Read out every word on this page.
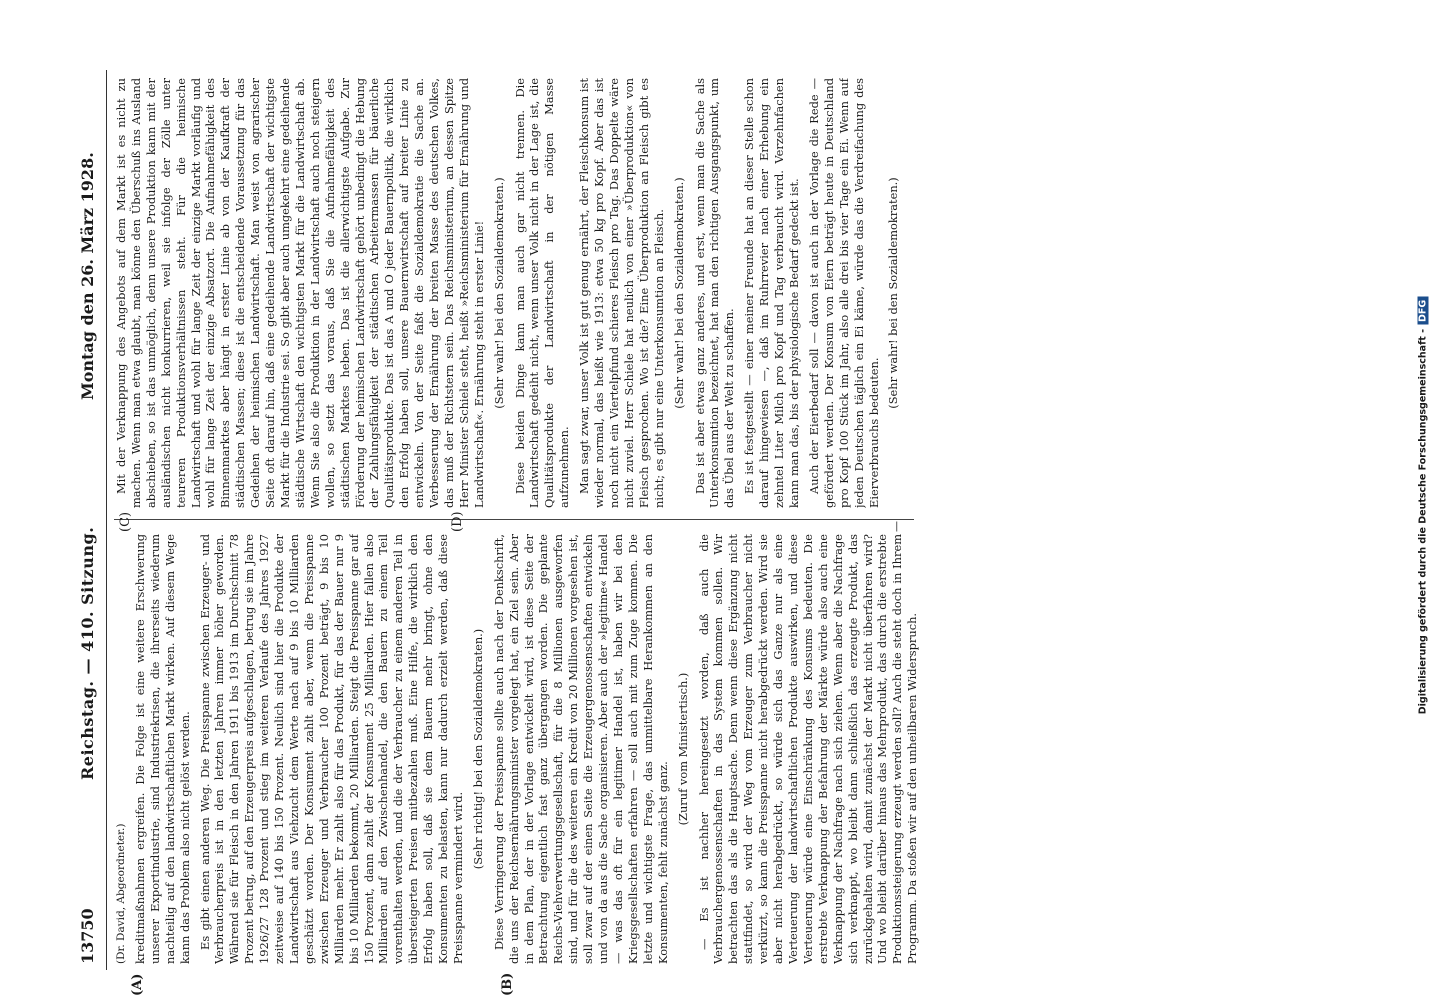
13750
Reichstag. — 410. Sitzung.
Montag den 26. März 1928.

(Dr. David, Abgeordneter.) kreditmaßnahmen ergreifen. Die Folge ist eine weitere Erschwerung unserer Exportindustrie, sind Industriekrisen, die ihrerseits wiederum nachteilig auf den landwirtschaftlichen Markt wirken. Auf diesem Wege kann das Problem also nicht gelöst werden. Es gibt einen anderen Weg. Die Preisspanne zwischen Erzeuger- und Verbraucherpreis ist in den letzten Jahren immer höher geworden. Während sie für Fleisch in den Jahren 1911 bis 1913 im Durchschnitt 78 Prozent betrug, auf den Erzeugerpreis aufgeschlagen, betrug sie im Jahre 1926/27 128 Prozent und stieg im weiteren Verlaufe des Jahres 1927 zeitweise auf 140 bis 150 Prozent. Neulich sind hier die Produkte der Landwirtschaft aus Viehzucht dem Werte nach auf 9 bis 10 Milliarden geschätzt worden. Der Konsument zahlt aber, wenn die Preisspanne zwischen Erzeuger und Verbraucher 100 Prozent beträgt, 9 bis 10 Milliarden mehr. Er zahlt also für das Produkt, für das der Bauer nur 9 bis 10 Milliarden bekommt, 20 Milliarden. Steigt die Preisspanne gar auf 150 Prozent, dann zahlt der Konsument 25 Milliarden. Hier fallen also Milliarden auf den Zwischenhandel, die den Bauern zu einem Teil vorenthalten werden, und die der Verbraucher zu einem anderen Teil in übersteigerten Preisen mitbezahlen muß. Eine Hilfe, die wirklich den Erfolg haben soll, daß sie dem Bauern mehr bringt, ohne den Konsumenten zu belasten, kann nur dadurch erzielt werden, daß diese Preisspanne vermindert wird.

(Sehr richtig! bei den Sozialdemokraten.) Diese Verringerung der Preisspanne sollte auch nach der Denkschrift, die uns der Reichsernährungsminister vorgelegt hat, ein Ziel sein. Aber in dem Plan, der in der Vorlage entwickelt wird, ist diese Seite der Betrachtung eigentlich fast ganz übergangen worden. Die geplante Reichs-Viehverwertungsgesellschaft, für die 8 Millionen ausgeworfen sind, und für die des weiteren ein Kredit von 20 Millionen vorgesehen ist, soll zwar auf der einen Seite die Erzeugergenossenschaften entwickeln und von da aus die Sache organisieren. Aber auch der »legitime« Handel — was das oft für ein legitimer Handel ist, haben wir bei den Kriegsgesellschaften erfahren — soll auch mit zum Zuge kommen. Die letzte und wichtigste Frage, das unmittelbare Herankommen an den Konsumenten, fehlt zunächst ganz.

(Zuruf vom Ministertisch.) — Es ist nachher hereingesetzt worden, daß auch die Verbrauchergenossenschaften in das System kommen sollen. Wir betrachten das als die Hauptsache. Denn wenn diese Ergänzung nicht stattfindet, so wird der Weg vom Erzeuger zum Verbraucher nicht verkürzt, so kann die Preisspanne nicht herabgedrückt werden. Wird sie aber nicht herabgedrückt, so würde sich das Ganze nur als eine Verteuerung der landwirtschaftlichen Produkte auswirken, und diese Verteuerung würde eine Einschränkung des Konsums bedeuten. Die erstrebte Verknappung der Befahrung der Märkte würde also auch eine Verknappung der Nachfrage nach sich ziehen. Wenn aber die Nachfrage sich verknappt, wo bleibt dann schließlich das erzeugte Produkt, das zurückgehalten wird, damit zunächst der Markt nicht überfahren wird? Und wo bleibt darüber hinaus das Mehrprodukt, das durch die erstrebte Produktionssteigerung erzeugt werden soll? Auch die steht doch in Ihrem Programm. Da stoßen wir auf den unheilbaren Widerspruch.

Mit der Verknappung des Angebots auf dem Markt ist es nicht zu machen. Wenn man etwa glaubt, man könne den Überschuß ins Ausland abschieben, so ist das unmöglich, denn unsere Produktion kann mit der ausländischen nicht konkurrieren, weil sie infolge der Zölle unter teureren Produktionsverhältnissen steht. Für die heimische Landwirtschaft und wohl für lange Zeit der einzige Markt vorläufig und wohl für lange Zeit der einzige Absatzort. Die Aufnahmefähigkeit des Binnenmarktes aber hängt in erster Linie ab von der Kaufkraft der städtischen Massen; diese ist die entscheidende Voraussetzung für das Gedeihen der heimischen Landwirtschaft. Man weist von agrarischer Seite oft darauf hin, daß eine gedeihende Landwirtschaft der wichtigste Markt für die Industrie sei. So gibt aber auch umgekehrt eine gedeihende städtische Wirtschaft den wichtigsten Markt für die Landwirtschaft ab. Wenn Sie also die Produktion in der Landwirtschaft auch noch steigern wollen, so setzt das voraus, daß Sie die Aufnahmefähigkeit des städtischen Marktes heben. Das ist die allerwichtigste Aufgabe. Zur Förderung der heimischen Landwirtschaft gehört unbedingt die Hebung der Zahlungsfähigkeit der städtischen Arbeitermassen für bäuerliche Qualitätsprodukte. Das ist das A und O jeder Bauernpolitik, die wirklich den Erfolg haben soll, unsere Bauernwirtschaft auf breiter Linie zu entwickeln. Von der Seite faßt die Sozialdemokratie die Sache an. Verbesserung der Ernährung der breiten Masse des deutschen Volkes, das muß der Richtstern sein. Das Reichsministerium, an dessen Spitze Herr Minister Schiele steht, heißt »Reichsministerium für Ernährung und Landwirtschaft«. Ernährung steht in erster Linie! (Sehr wahr! bei den Sozialdemokraten.) Diese beiden Dinge kann man auch gar nicht trennen. Die Landwirtschaft gedeiht nicht, wenn unser Volk nicht in der Lage ist, die Qualitätsprodukte der Landwirtschaft in der nötigen Masse aufzunehmen. Man sagt zwar, unser Volk ist gut genug ernährt, der Fleischkonsum ist wieder normal, das heißt wie 1913: etwa 50 kg pro Kopf. Aber das ist noch nicht ein Viertelpfund schieres Fleisch pro Tag. Das Doppelte wäre nicht zuviel. Herr Schiele hat neulich von einer »Überproduktion« von Fleisch gesprochen. Wo ist die? Eine Überproduktion an Fleisch gibt es nicht; es gibt nur eine Unterkonsumtion an Fleisch. (Sehr wahr! bei den Sozialdemokraten.) Das ist aber etwas ganz anderes, und erst, wenn man die Sache als Unterkonsumtion bezeichnet, hat man den richtigen Ausgangspunkt, um das Übel aus der Welt zu schaffen. Es ist festgestellt — einer meiner Freunde hat an dieser Stelle schon darauf hingewiesen —, daß im Ruhrrevier nach einer Erhebung ein zehntel Liter Milch pro Kopf und Tag verbraucht wird. Verzehnfachen kann man das, bis der physiologische Bedarf gedeckt ist. Auch der Eierbedarf soll — davon ist auch in der Vorlage die Rede — gefördert werden. Der Konsum von Eiern beträgt heute in Deutschland pro Kopf 100 Stück im Jahr, also alle drei bis vier Tage ein Ei. Wenn auf jeden Deutschen täglich ein Ei käme, würde das die Verdreifachung des Eierverbrauchs bedeuten.

(Sehr wahr! bei den Sozialdemokraten.)

(A)	(B)
(C)	(D)	—	Digitalisierung gefördert durch die Deutsche Forschungsgemeinschaft -DFG
